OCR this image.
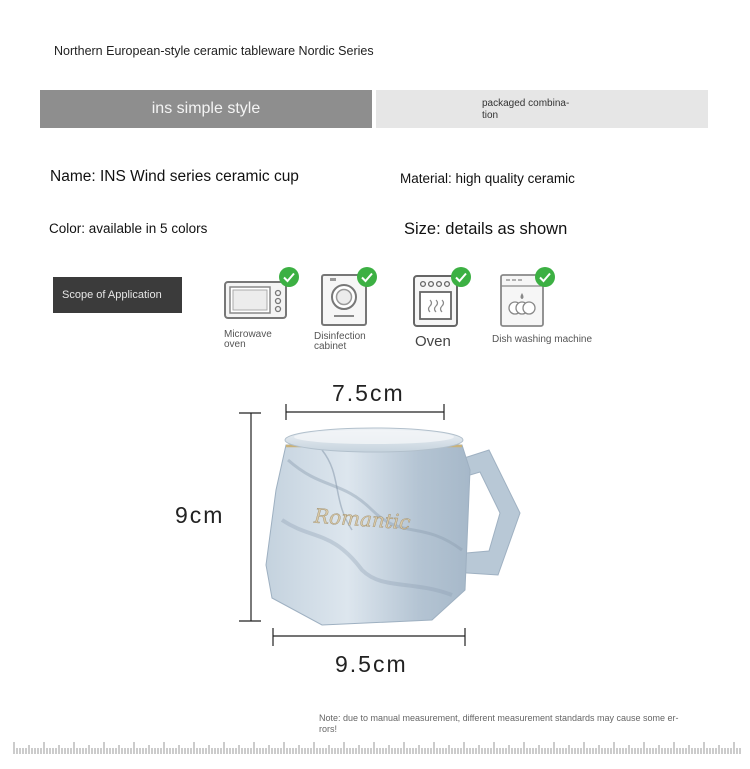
Northern European-style ceramic tableware Nordic Series
ins simple style	packaged combina-
tion
Name: INS Wind series ceramic cup	Material: high quality ceramic
Color: available in 5 colors	Size: details as shown
Scope of Application
Microwave
oven
Disinfection
cabinet	Oven	Dish washing machine
7.5cm
9cm
9.5cm
Romantic
Note: due to manual measurement, different measurement standards may cause some er-
rors!
